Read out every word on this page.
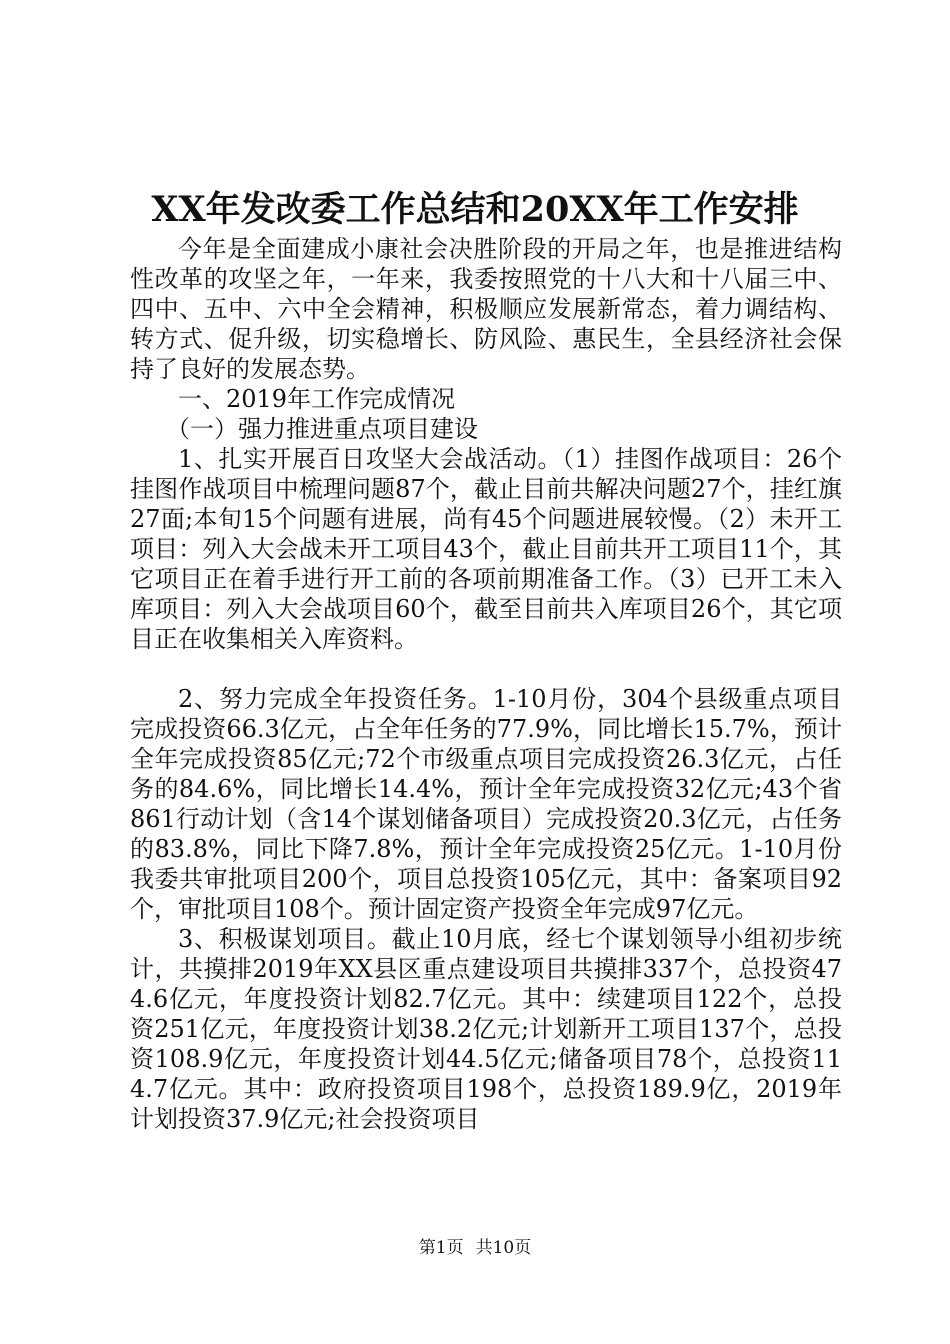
XX年发改委工作总结和20XX年工作安排

今年是全面建成小康社会决胜阶段的开局之年，也是推进结构性改革的攻坚之年，一年来，我委按照党的十八大和十八届三中、四中、五中、六中全会精神，积极顺应发展新常态，着力调结构、转方式、促升级，切实稳增长、防风险、惠民生，全县经济社会保持了良好的发展态势。

一、2019年工作完成情况

（一）强力推进重点项目建设

1、扎实开展百日攻坚大会战活动。（1）挂图作战项目：26个挂图作战项目中梳理问题87个，截止目前共解决问题27个，挂红旗27面;本旬15个问题有进展，尚有45个问题进展较慢。（2）未开工项目：列入大会战未开工项目43个，截止目前共开工项目11个，其它项目正在着手进行开工前的各项前期准备工作。（3）已开工未入库项目：列入大会战项目60个，截至目前共入库项目26个，其它项目正在收集相关入库资料。

2、努力完成全年投资任务。1-10月份，304个县级重点项目完成投资66.3亿元，占全年任务的77.9%，同比增长15.7%，预计全年完成投资85亿元;72个市级重点项目完成投资26.3亿元，占任务的84.6%，同比增长14.4%，预计全年完成投资32亿元;43个省861行动计划（含14个谋划储备项目）完成投资20.3亿元，占任务的83.8%，同比下降7.8%，预计全年完成投资25亿元。1-10月份我委共审批项目200个，项目总投资105亿元，其中：备案项目92个，审批项目108个。预计固定资产投资全年完成97亿元。

3、积极谋划项目。截止10月底，经七个谋划领导小组初步统计，共摸排2019年XX县区重点建设项目共摸排337个，总投资474.6亿元，年度投资计划82.7亿元。其中：续建项目122个，总投资251亿元，年度投资计划38.2亿元;计划新开工项目137个，总投资108.9亿元，年度投资计划44.5亿元;储备项目78个，总投资114.7亿元。其中：政府投资项目198个，总投资189.9亿，2019年计划投资37.9亿元;社会投资项目

第1页 共10页
